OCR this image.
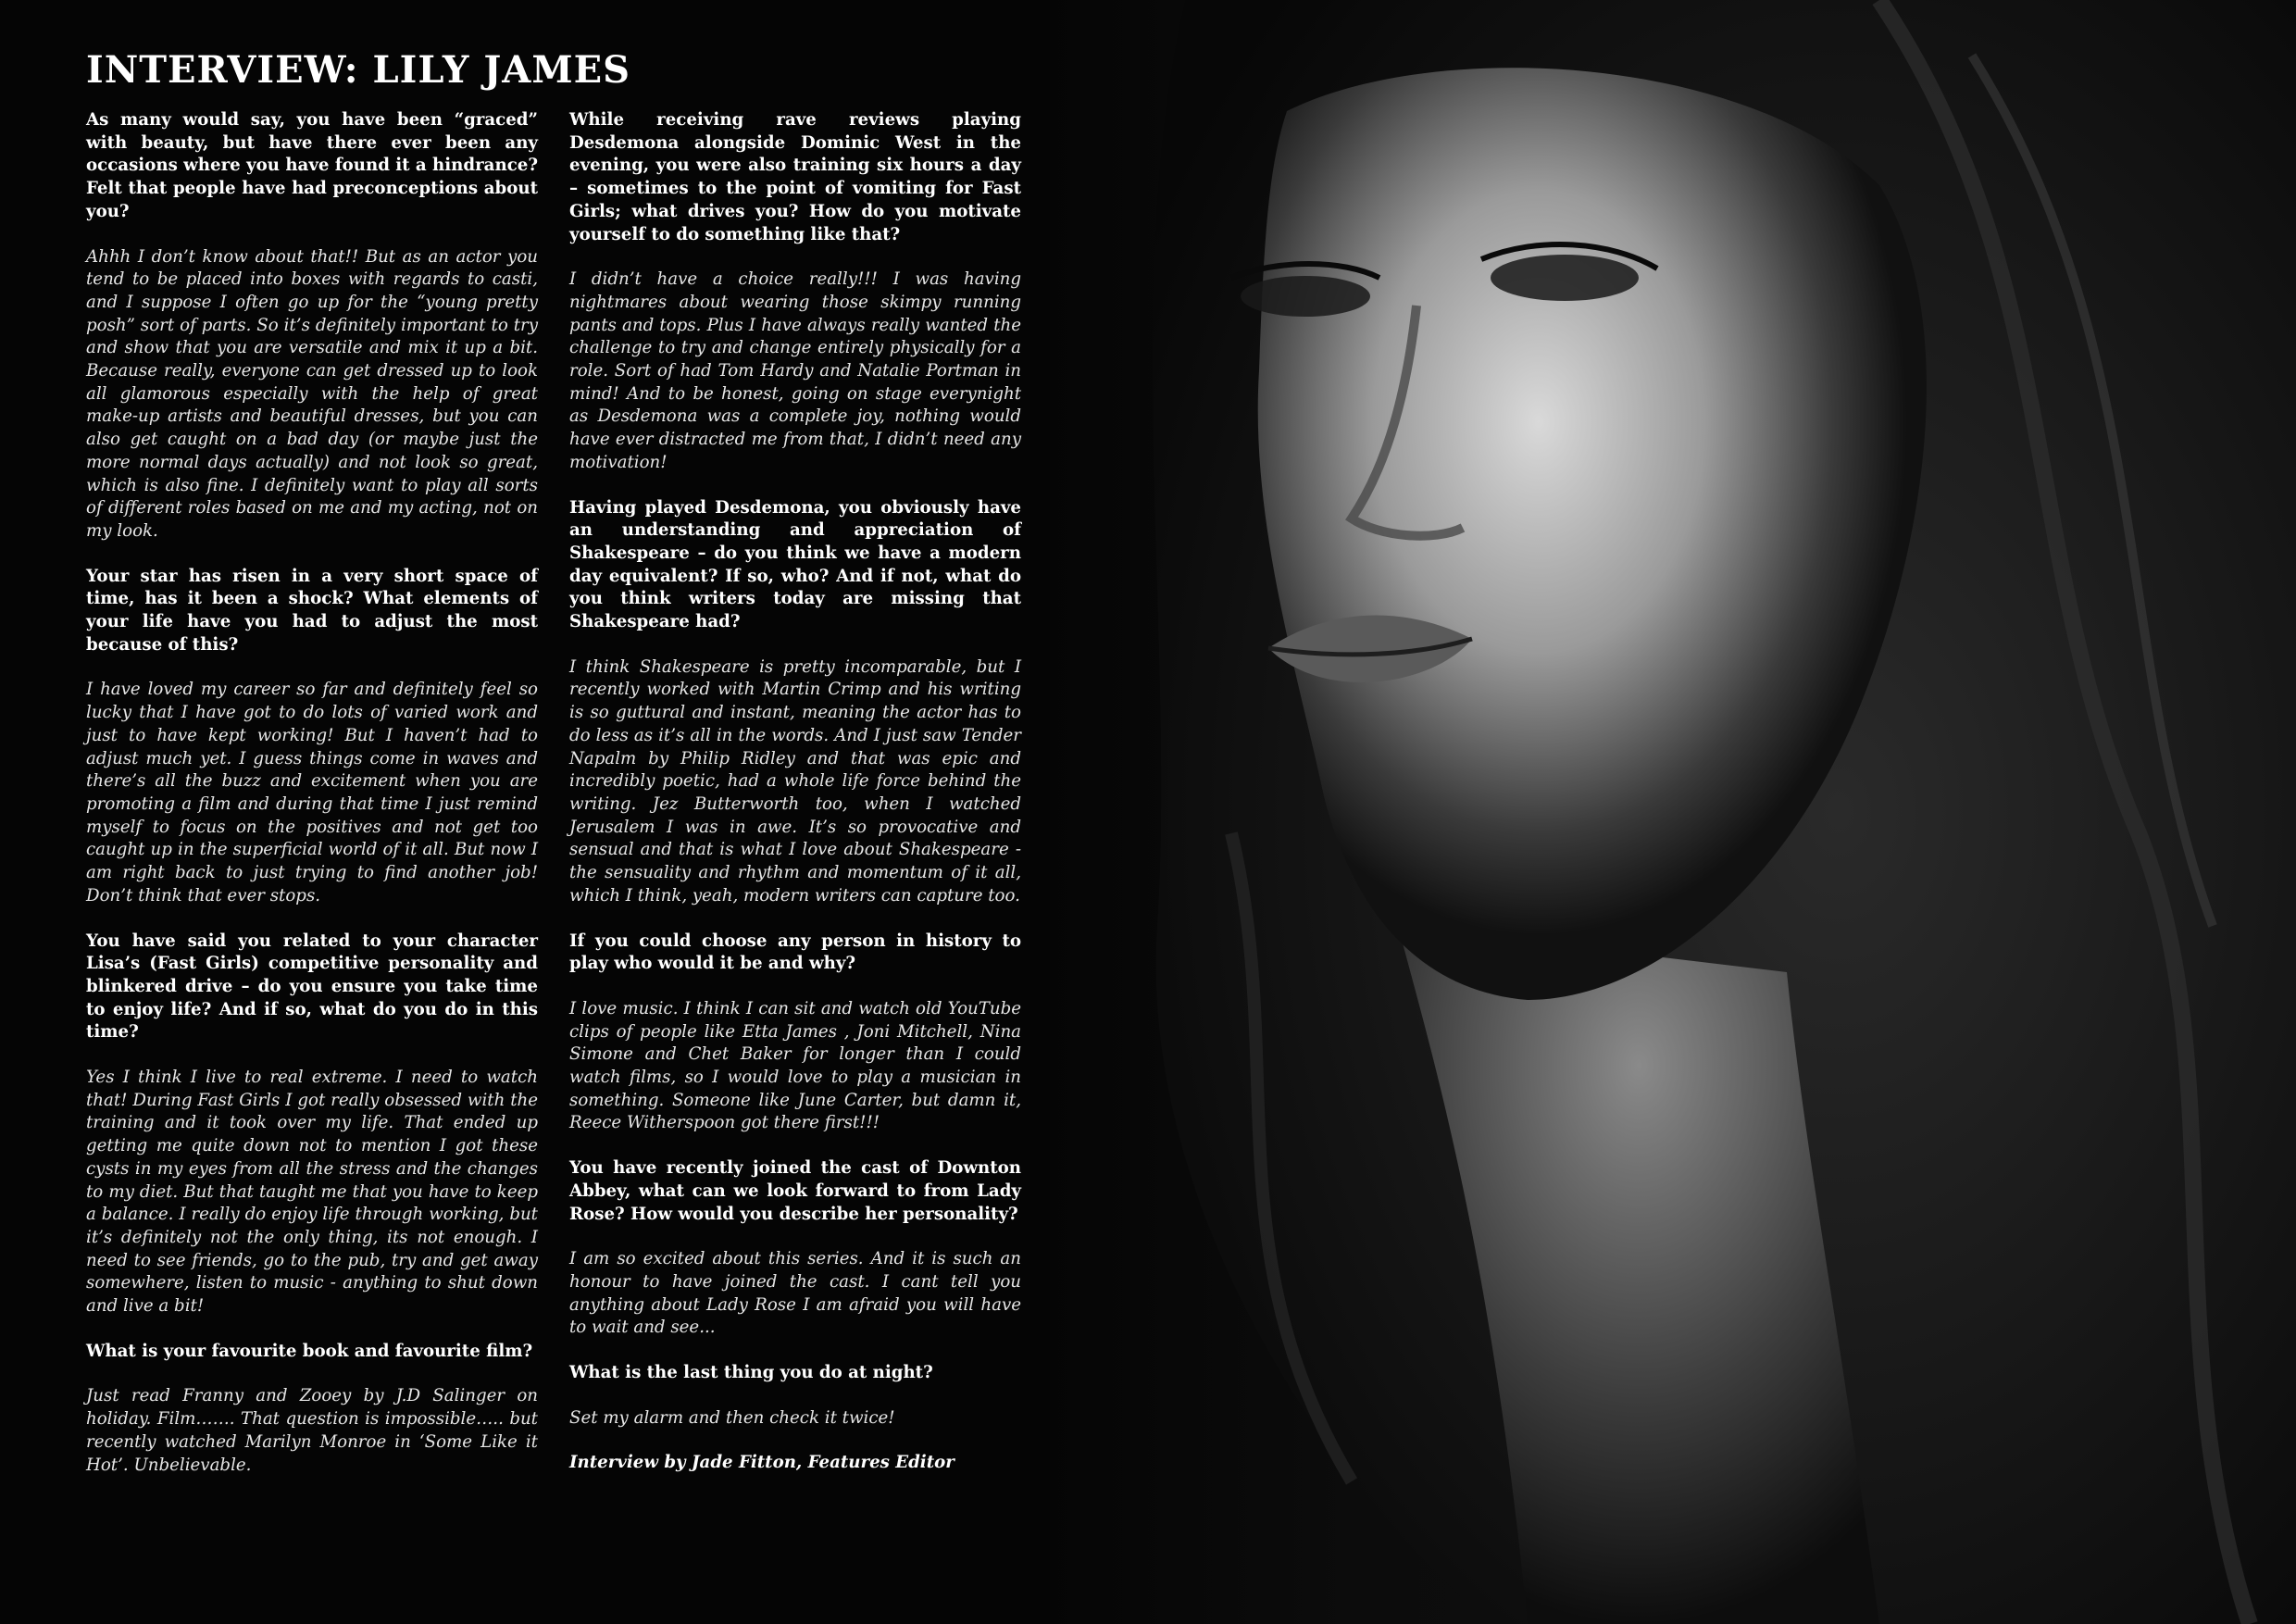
INTERVIEW: LILY JAMES

As many would say, you have been “graced” with beauty, but have there ever been any occasions where you have found it a hindrance? Felt that people have had preconceptions about you?

Ahhh I don’t know about that!! But as an actor you tend to be placed into boxes with regards to casti, and I suppose I often go up for the “young pretty posh” sort of parts. So it’s definitely important to try and show that you are versatile and mix it up a bit. Because really, everyone can get dressed up to look all glamorous especially with the help of great make-up artists and beautiful dresses, but you can also get caught on a bad day (or maybe just the more normal days actually) and not look so great, which is also fine. I definitely want to play all sorts of different roles based on me and my acting, not on my look.

Your star has risen in a very short space of time, has it been a shock? What elements of your life have you had to adjust the most because of this?

I have loved my career so far and definitely feel so lucky that I have got to do lots of varied work and just to have kept working! But I haven’t had to adjust much yet. I guess things come in waves and there’s all the buzz and excitement when you are promoting a film and during that time I just remind myself to focus on the positives and not get too caught up in the superficial world of it all. But now I am right back to just trying to find another job! Don’t think that ever stops.

You have said you related to your character Lisa’s (Fast Girls) competitive personality and blinkered drive – do you ensure you take time to enjoy life? And if so, what do you do in this time?

Yes I think I live to real extreme. I need to watch that! During Fast Girls I got really obsessed with the training and it took over my life. That ended up getting me quite down not to mention I got these cysts in my eyes from all the stress and the changes to my diet. But that taught me that you have to keep a balance. I really do enjoy life through working, but it’s definitely not the only thing, its not enough. I need to see friends, go to the pub, try and get away somewhere, listen to music - anything to shut down and live a bit!

What is your favourite book and favourite film?

Just read Franny and Zooey by J.D Salinger on holiday. Film……. That question is impossible….. but recently watched Marilyn Monroe in ‘Some Like it Hot’. Unbelievable.

While receiving rave reviews playing Desdemona alongside Dominic West in the evening, you were also training six hours a day – sometimes to the point of vomiting for Fast Girls; what drives you? How do you motivate yourself to do something like that?

I didn’t have a choice really!!! I was having nightmares about wearing those skimpy running pants and tops. Plus I have always really wanted the challenge to try and change entirely physically for a role. Sort of had Tom Hardy and Natalie Portman in mind! And to be honest, going on stage everynight as Desdemona was a complete joy, nothing would have ever distracted me from that, I didn’t need any motivation!

Having played Desdemona, you obviously have an understanding and appreciation of Shakespeare – do you think we have a modern day equivalent? If so, who? And if not, what do you think writers today are missing that Shakespeare had?

I think Shakespeare is pretty incomparable, but I recently worked with Martin Crimp and his writing is so guttural and instant, meaning the actor has to do less as it’s all in the words. And I just saw Tender Napalm by Philip Ridley and that was epic and incredibly poetic, had a whole life force behind the writing. Jez Butterworth too, when I watched Jerusalem I was in awe. It’s so provocative and sensual and that is what I love about Shakespeare - the sensuality and rhythm and momentum of it all, which I think, yeah, modern writers can capture too.

If you could choose any person in history to play who would it be and why?

I love music. I think I can sit and watch old YouTube clips of people like Etta James , Joni Mitchell, Nina Simone and Chet Baker for longer than I could watch films, so I would love to play a musician in something. Someone like June Carter, but damn it, Reece Witherspoon got there first!!!

You have recently joined the cast of Downton Abbey, what can we look forward to from Lady Rose? How would you describe her personality?

I am so excited about this series. And it is such an honour to have joined the cast. I cant tell you anything about Lady Rose I am afraid you will have to wait and see...

What is the last thing you do at night?

Set my alarm and then check it twice!

Interview by Jade Fitton, Features Editor
